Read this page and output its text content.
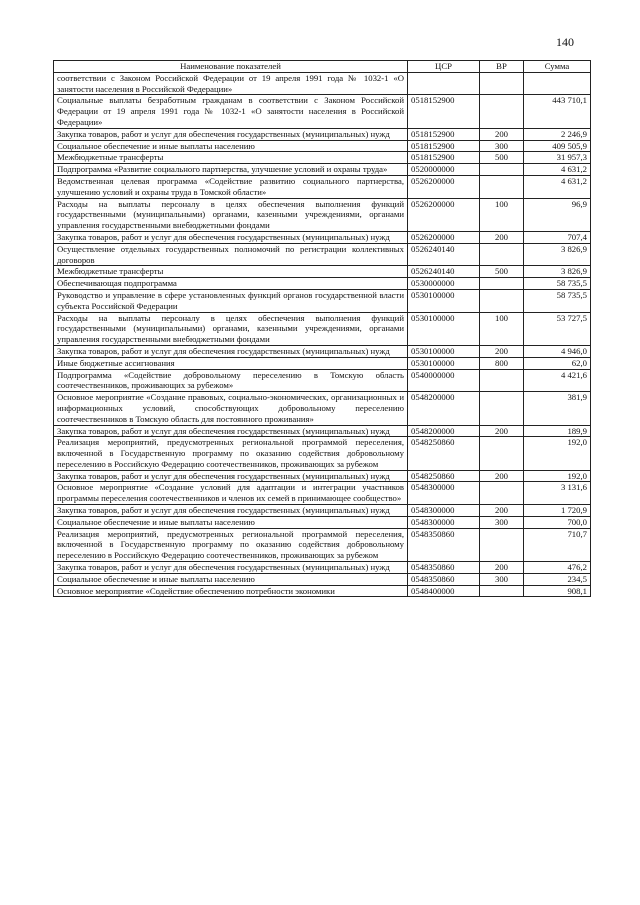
140
Наименование показателей	ЦСР	ВР	Сумма
соответствии с Законом Российской Федерации от 19 апреля 1991 года № 1032-1 «О занятости населения в Российской Федерации»			
Социальные выплаты безработным гражданам в соответствии с Законом Российской Федерации от 19 апреля 1991 года № 1032-1 «О занятости населения в Российской Федерации»	0518152900		443 710,1
Закупка товаров, работ и услуг для обеспечения государственных (муниципальных) нужд	0518152900	200	2 246,9
Социальное обеспечение и иные выплаты населению	0518152900	300	409 505,9
Межбюджетные трансферты	0518152900	500	31 957,3
Подпрограмма «Развитие социального партнерства, улучшение условий и охраны труда»	0520000000		4 631,2
Ведомственная целевая программа «Содействие развитию социального партнерства, улучшению условий и охраны труда в Томской области»	0526200000		4 631,2
Расходы на выплаты персоналу в целях обеспечения выполнения функций государственными (муниципальными) органами, казенными учреждениями, органами управления государственными внебюджетными фондами	0526200000	100	96,9
Закупка товаров, работ и услуг для обеспечения государственных (муниципальных) нужд	0526200000	200	707,4
Осуществление отдельных государственных полномочий по регистрации коллективных договоров	0526240140		3 826,9
Межбюджетные трансферты	0526240140	500	3 826,9
Обеспечивающая подпрограмма	0530000000		58 735,5
Руководство и управление в сфере установленных функций органов государственной власти субъекта Российской Федерации	0530100000		58 735,5
Расходы на выплаты персоналу в целях обеспечения выполнения функций государственными (муниципальными) органами, казенными учреждениями, органами управления государственными внебюджетными фондами	0530100000	100	53 727,5
Закупка товаров, работ и услуг для обеспечения государственных (муниципальных) нужд	0530100000	200	4 946,0
Иные бюджетные ассигнования	0530100000	800	62,0
Подпрограмма «Содействие добровольному переселению в Томскую область соотечественников, проживающих за рубежом»	0540000000		4 421,6
Основное мероприятие «Создание правовых, социально-экономических, организационных и информационных условий, способствующих добровольному переселению соотечественников в Томскую область для постоянного проживания»	0548200000		381,9
Закупка товаров, работ и услуг для обеспечения государственных (муниципальных) нужд	0548200000	200	189,9
Реализация мероприятий, предусмотренных региональной программой переселения, включенной в Государственную программу по оказанию содействия добровольному переселению в Российскую Федерацию соотечественников, проживающих за рубежом	0548250860		192,0
Закупка товаров, работ и услуг для обеспечения государственных (муниципальных) нужд	0548250860	200	192,0
Основное мероприятие «Создание условий для адаптации и интеграции участников программы переселения соотечественников и членов их семей в принимающее сообщество»	0548300000		3 131,6
Закупка товаров, работ и услуг для обеспечения государственных (муниципальных) нужд	0548300000	200	1 720,9
Социальное обеспечение и иные выплаты населению	0548300000	300	700,0
Реализация мероприятий, предусмотренных региональной программой переселения, включенной в Государственную программу по оказанию содействия добровольному переселению в Российскую Федерацию соотечественников, проживающих за рубежом	0548350860		710,7
Закупка товаров, работ и услуг для обеспечения государственных (муниципальных) нужд	0548350860	200	476,2
Социальное обеспечение и иные выплаты населению	0548350860	300	234,5
Основное мероприятие «Содействие обеспечению потребности экономики	0548400000		908,1
